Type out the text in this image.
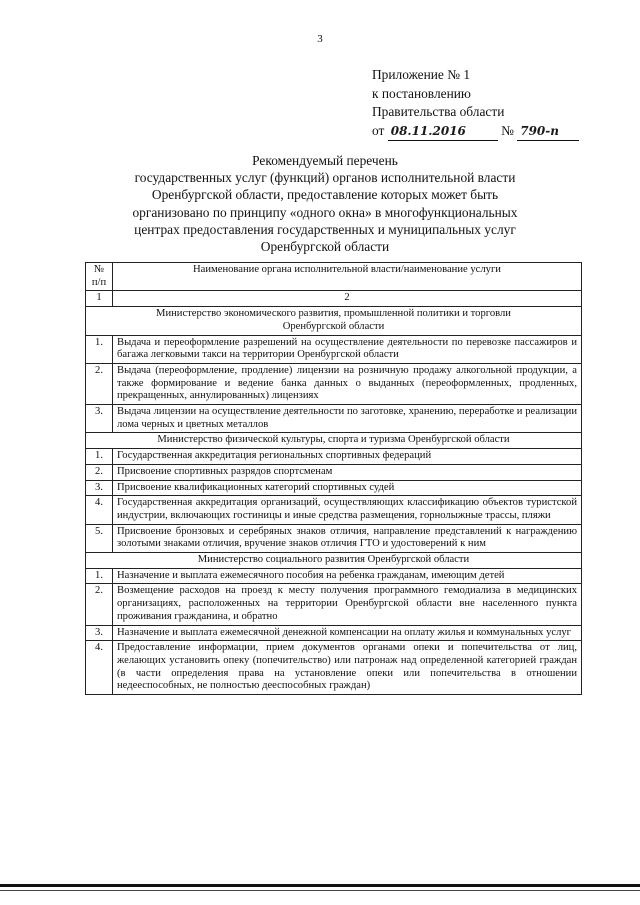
3
Приложение № 1
к постановлению
Правительства области
от 08.11.2016	№ 790-п
Рекомендуемый перечень
государственных услуг (функций) органов исполнительной власти
Оренбургской области, предоставление которых может быть
организовано по принципу «одного окна» в многофункциональных
центрах предоставления государственных и муниципальных услуг
Оренбургской области
№ п/п	Наименование органа исполнительной власти/наименование услуги
1	2
Министерство экономического развития, промышленной политики и торговли Оренбургской области	
1.	Выдача и переоформление разрешений на осуществление деятельности по перевозке пассажиров и багажа легковыми такси на территории Оренбургской области
2.	Выдача (переоформление, продление) лицензии на розничную продажу алкогольной продукции, а также формирование и ведение банка данных о выданных (переоформленных, продленных, прекращенных, аннулированных) лицензиях
3.	Выдача лицензии на осуществление деятельности по заготовке, хранению, переработке и реализации лома черных и цветных металлов
Министерство физической культуры, спорта и туризма Оренбургской области	
1.	Государственная аккредитация региональных спортивных федераций
2.	Присвоение спортивных разрядов спортсменам
3.	Присвоение квалификационных категорий спортивных судей
4.	Государственная аккредитация организаций, осуществляющих классификацию объектов туристской индустрии, включающих гостиницы и иные средства размещения, горнолыжные трассы, пляжи
5.	Присвоение бронзовых и серебряных знаков отличия, направление представлений к награждению золотыми знаками отличия, вручение знаков отличия ГТО и удостоверений к ним
Министерство социального развития Оренбургской области	
1.	Назначение и выплата ежемесячного пособия на ребенка гражданам, имеющим детей
2.	Возмещение расходов на проезд к месту получения программного гемодиализа в медицинских организациях, расположенных на территории Оренбургской области вне населенного пункта проживания гражданина, и обратно
3.	Назначение и выплата ежемесячной денежной компенсации на оплату жилья и коммунальных услуг
4.	Предоставление информации, прием документов органами опеки и попечительства от лиц, желающих установить опеку (попечительство) или патронаж над определенной категорией граждан (в части определения права на установление опеки или попечительства в отношении недееспособных, не полностью дееспособных граждан)
